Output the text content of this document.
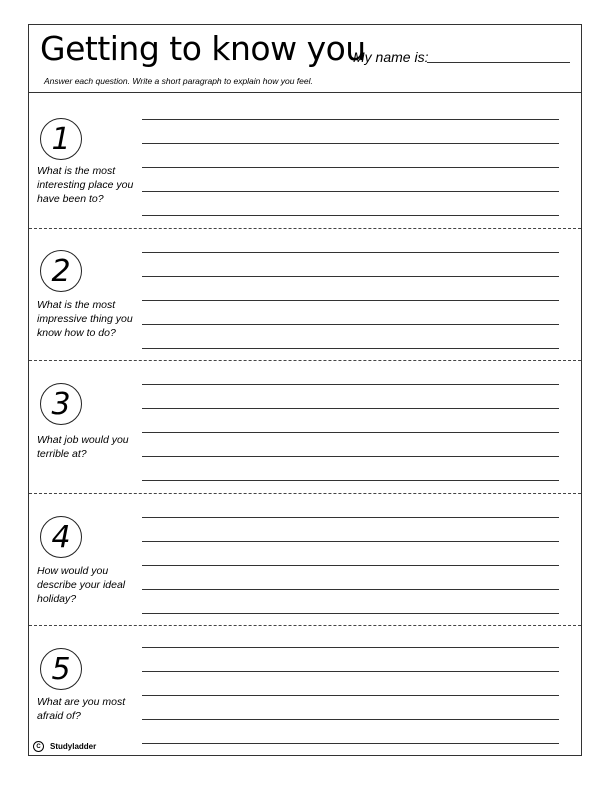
Getting to know you
My name is:
Answer each question. Write a short paragraph to explain how you feel.
1
What is the most interesting place you have been to?
2
What is the most impressive thing you know how to do?
3
What job would you terrible at?
4
How would you describe your ideal holiday?
5
What are you most afraid of?
C	Studyladder
